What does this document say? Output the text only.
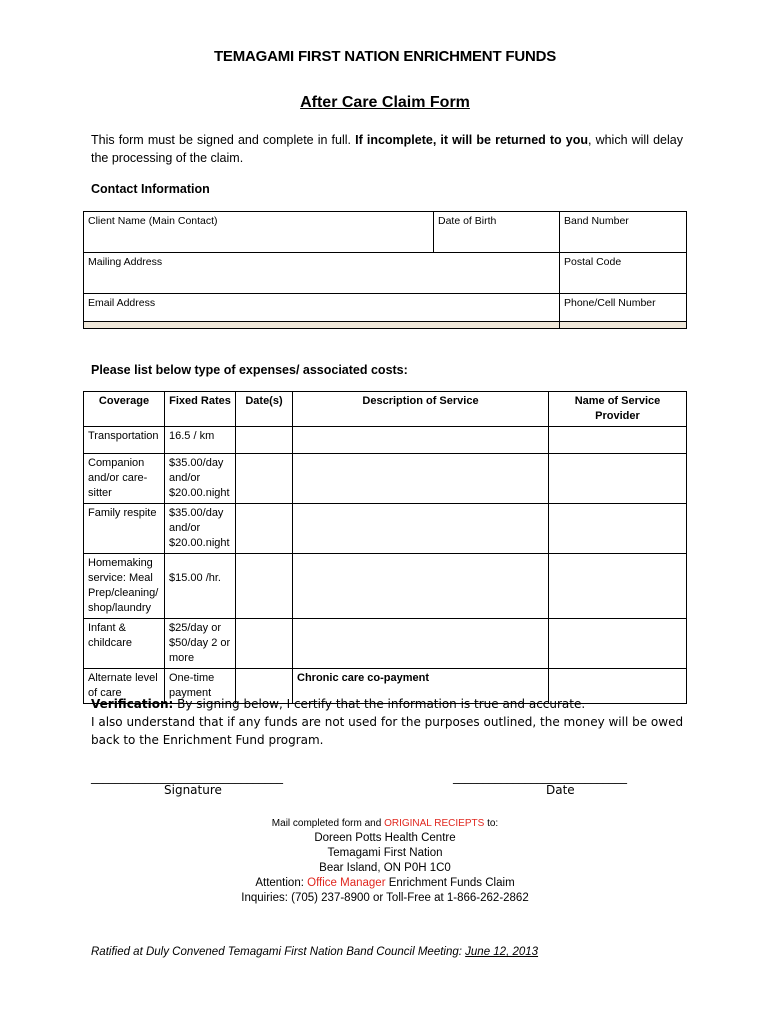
TEMAGAMI FIRST NATION ENRICHMENT FUNDS
After Care Claim Form
This form must be signed and complete in full. If incomplete, it will be returned to you, which will delay the processing of the claim.
Contact Information
Client Name (Main Contact)	Date of Birth	Band Number
Mailing Address		Postal Code
Email Address		Phone/Cell Number

Please list below type of expenses/ associated costs:
Coverage	Fixed Rates	Date(s)	Description of Service	Name of Service Provider
Transportation	16.5 / km			
Companion and/or care-sitter	$35.00/day and/or $20.00.night			
Family respite	$35.00/day and/or $20.00.night			
Homemaking service: Meal Prep/cleaning/ shop/laundry	$15.00 /hr.			
Infant & childcare	$25/day or $50/day 2 or more			
Alternate level of care	One-time payment		Chronic care co-payment	
Verification: By signing below, I certify that the information is true and accurate.
I also understand that if any funds are not used for the purposes outlined, the money will be owed back to the Enrichment Fund program.
________________________________
Signature
_____________________________
Date
Mail completed form and ORIGINAL RECIEPTS to:
Doreen Potts Health Centre
Temagami First Nation
Bear Island, ON P0H 1C0
Attention: Office Manager Enrichment Funds Claim
Inquiries: (705) 237-8900 or Toll-Free at 1-866-262-2862
Ratified at Duly Convened Temagami First Nation Band Council Meeting: June 12, 2013
